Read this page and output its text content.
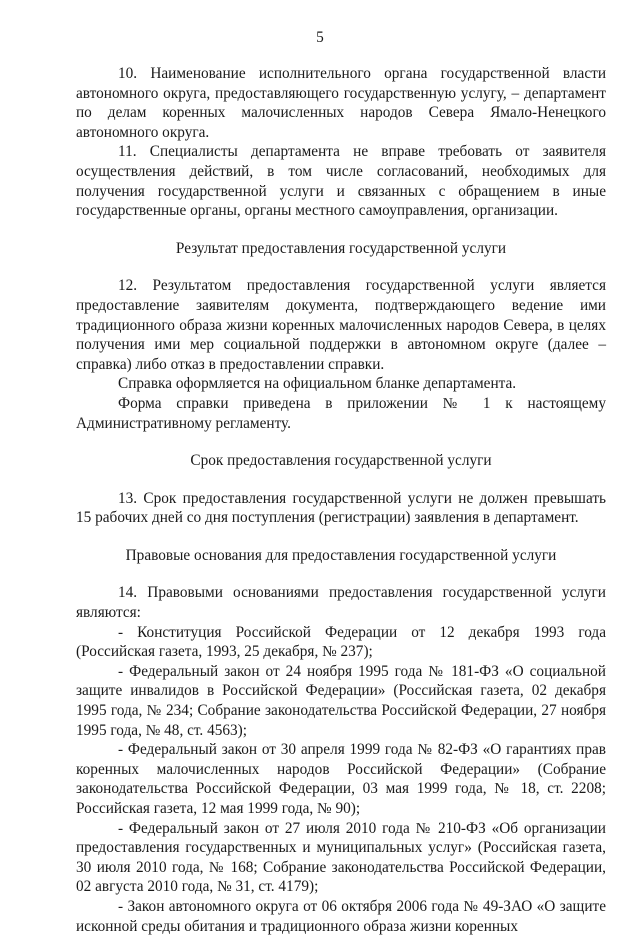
5

10. Наименование исполнительного органа государственной власти автономного округа, предоставляющего государственную услугу, – департамент по делам коренных малочисленных народов Севера Ямало-Ненецкого автономного округа.

11. Специалисты департамента не вправе требовать от заявителя осуществления действий, в том числе согласований, необходимых для получения государственной услуги и связанных с обращением в иные государственные органы, органы местного самоуправления, организации.

Результат предоставления государственной услуги

12. Результатом предоставления государственной услуги является предоставление заявителям документа, подтверждающего ведение ими традиционного образа жизни коренных малочисленных народов Севера, в целях получения ими мер социальной поддержки в автономном округе (далее – справка) либо отказ в предоставлении справки.

Справка оформляется на официальном бланке департамента.

Форма справки приведена в приложении № 1 к настоящему Административному регламенту.

Срок предоставления государственной услуги

13. Срок предоставления государственной услуги не должен превышать 15 рабочих дней со дня поступления (регистрации) заявления в департамент.

Правовые основания для предоставления государственной услуги

14. Правовыми основаниями предоставления государственной услуги являются:

- Конституция Российской Федерации от 12 декабря 1993 года (Российская газета, 1993, 25 декабря, № 237);

- Федеральный закон от 24 ноября 1995 года № 181-ФЗ «О социальной защите инвалидов в Российской Федерации» (Российская газета, 02 декабря 1995 года, № 234; Собрание законодательства Российской Федерации, 27 ноября 1995 года, № 48, ст. 4563);

- Федеральный закон от 30 апреля 1999 года № 82-ФЗ «О гарантиях прав коренных малочисленных народов Российской Федерации» (Собрание законодательства Российской Федерации, 03 мая 1999 года, № 18, ст. 2208; Российская газета, 12 мая 1999 года, № 90);

- Федеральный закон от 27 июля 2010 года № 210-ФЗ «Об организации предоставления государственных и муниципальных услуг» (Российская газета, 30 июля 2010 года, № 168; Собрание законодательства Российской Федерации, 02 августа 2010 года, № 31, ст. 4179);

- Закон автономного округа от 06 октября 2006 года № 49-ЗАО «О защите исконной среды обитания и традиционного образа жизни коренных
